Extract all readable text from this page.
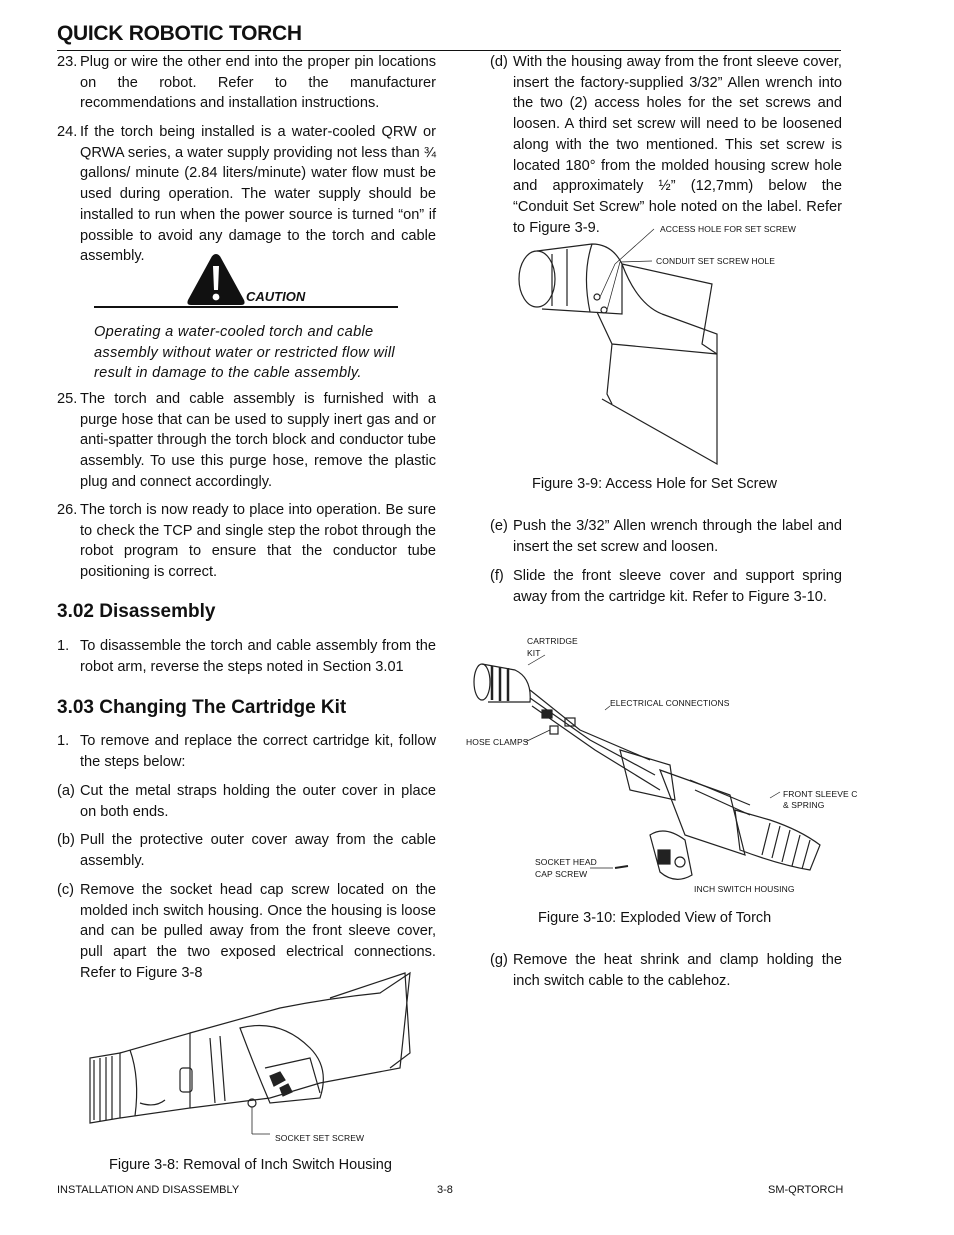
QUICK ROBOTIC TORCH
23. Plug or wire the other end into the proper pin locations on the robot. Refer to the manufacturer recommendations and installation instructions.
24. If the torch being installed is a water-cooled QRW or QRWA series, a water supply providing not less than ¾ gallons/ minute (2.84 liters/minute) water flow must be used during operation. The water supply should be installed to run when the power source is turned “on” if possible to avoid any damage to the torch and cable assembly.
CAUTION
Operating a water-cooled torch and cable assembly without water or restricted flow will result in damage to the cable assembly.
25. The torch and cable assembly is furnished with a purge hose that can be used to supply inert gas and or anti-spatter through the torch block and conductor tube assembly. To use this purge hose, remove the plastic plug and connect accordingly.
26. The torch is now ready to place into operation. Be sure to check the TCP and single step the robot through the robot program to ensure that the conductor tube positioning is correct.
3.02 Disassembly
1. To disassemble the torch and cable assembly from the robot arm, reverse the steps noted in Section 3.01
3.03 Changing The Cartridge Kit
1. To remove and replace the correct cartridge kit, follow the steps below:
(a) Cut the metal straps holding the outer cover in place on both ends.
(b) Pull the protective outer cover away from the cable assembly.
(c) Remove the socket head cap screw located on the molded inch switch housing. Once the housing is loose and can be pulled away from the front sleeve cover, pull apart the two exposed electrical connections. Refer to Figure 3-8
SOCKET SET SCREW
Figure 3-8: Removal of Inch Switch Housing
(d) With the housing away from the front sleeve cover, insert the factory-supplied 3/32” Allen wrench into the two (2) access holes for the set screws and loosen. A third set screw will need to be loosened along with the two mentioned. This set screw is located 180° from the molded housing screw hole and approximately ½” (12,7mm) below the “Conduit Set Screw” hole noted on the label. Refer to Figure 3-9.	ACCESS HOLE FOR SET SCREW
CONDUIT SET SCREW HOLE
Figure 3-9: Access Hole for Set Screw
(e) Push the 3/32” Allen wrench through the label and insert the set screw and loosen.
(f) Slide the front sleeve cover and support spring away from the cartridge kit. Refer to Figure 3-10.
CARTRIDGE
KIT
ELECTRICAL CONNECTIONS
HOSE CLAMPS
FRONT SLEEVE C
& SPRING
SOCKET HEAD
CAP SCREW
INCH SWITCH HOUSING
Figure 3-10: Exploded View of Torch
(g) Remove the heat shrink and clamp holding the inch switch cable to the cablehoz.
INSTALLATION AND DISASSEMBLY	3-8	SM-QRTORCH
